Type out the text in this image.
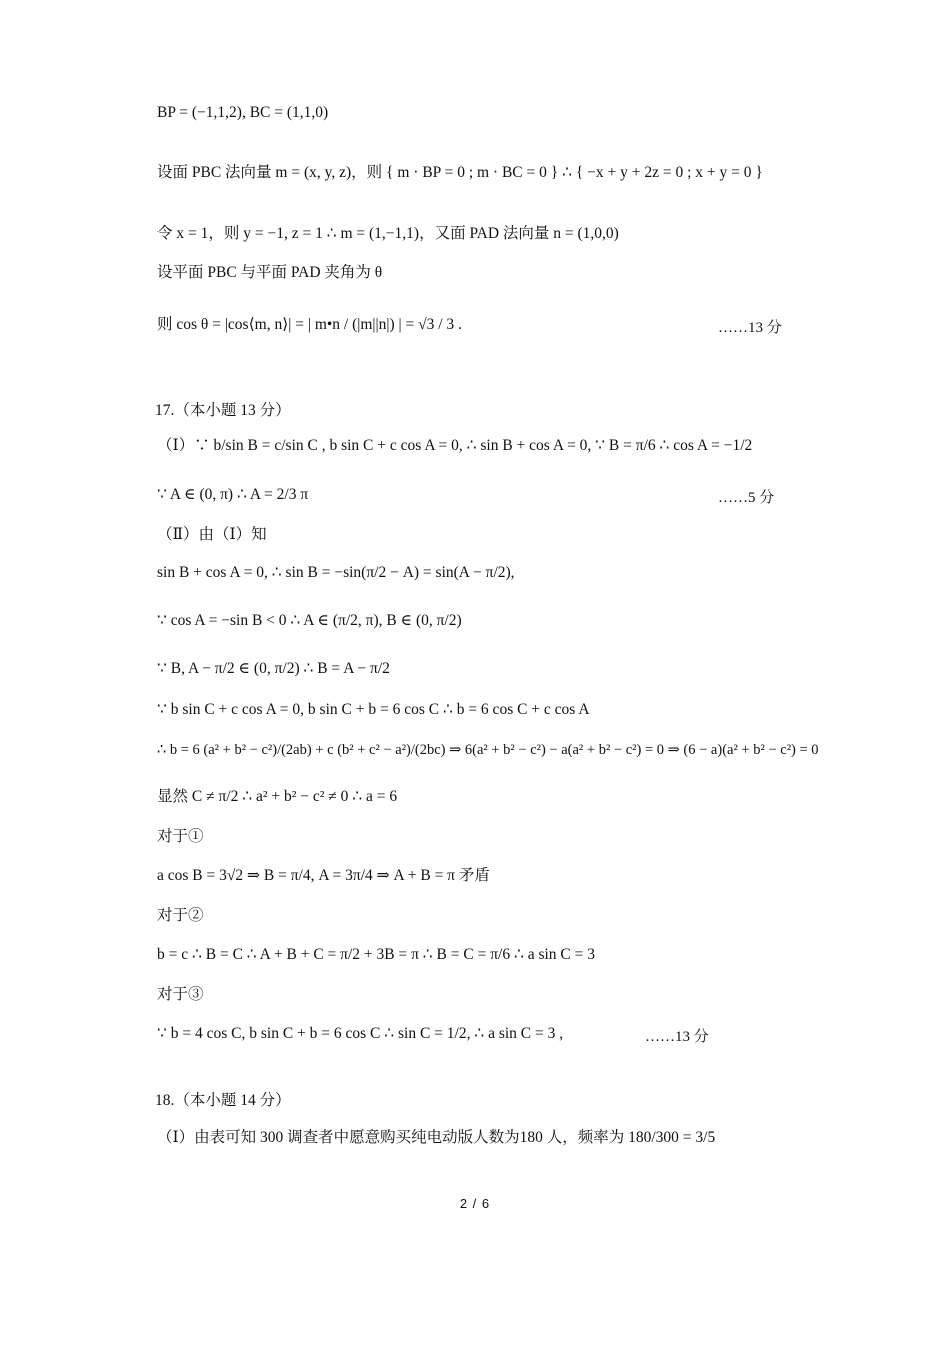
BP = (−1,1,2), BC = (1,1,0)
设面 PBC 法向量 m = (x, y, z)，则 { m · BP = 0 ; m · BC = 0 } ∴ { −x + y + 2z = 0 ; x + y = 0 }
令 x = 1，则 y = −1, z = 1 ∴ m = (1,−1,1)，又面 PAD 法向量 n = (1,0,0)
设平面 PBC 与平面 PAD 夹角为 θ
则 cos θ = |cos⟨m, n⟩| = | m•n / (|m||n|) | = √3 / 3 .	……13 分
17.（本小题 13 分）
（Ⅰ）∵ b/sin B = c/sin C , b sin C + c cos A = 0, ∴ sin B + cos A = 0, ∵ B = π/6 ∴ cos A = −1/2
∵ A ∈ (0, π) ∴ A = 2/3 π	……5 分
（Ⅱ）由（Ⅰ）知
sin B + cos A = 0, ∴ sin B = −sin(π/2 − A) = sin(A − π/2),
∵ cos A = −sin B < 0 ∴ A ∈ (π/2, π), B ∈ (0, π/2)
∵ B, A − π/2 ∈ (0, π/2) ∴ B = A − π/2
∵ b sin C + c cos A = 0, b sin C + b = 6 cos C ∴ b = 6 cos C + c cos A
∴ b = 6 (a² + b² − c²)/(2ab) + c (b² + c² − a²)/(2bc) ⇒ 6(a² + b² − c²) − a(a² + b² − c²) = 0 ⇒ (6 − a)(a² + b² − c²) = 0
显然 C ≠ π/2 ∴ a² + b² − c² ≠ 0 ∴ a = 6
对于①
a cos B = 3√2 ⇒ B = π/4, A = 3π/4 ⇒ A + B = π 矛盾
对于②
b = c ∴ B = C ∴ A + B + C = π/2 + 3B = π ∴ B = C = π/6 ∴ a sin C = 3
对于③
∵ b = 4 cos C, b sin C + b = 6 cos C ∴ sin C = 1/2, ∴ a sin C = 3 ,	……13 分
18.（本小题 14 分）
（Ⅰ）由表可知 300 调查者中愿意购买纯电动版人数为180 人，频率为 180/300 = 3/5
2 / 6
